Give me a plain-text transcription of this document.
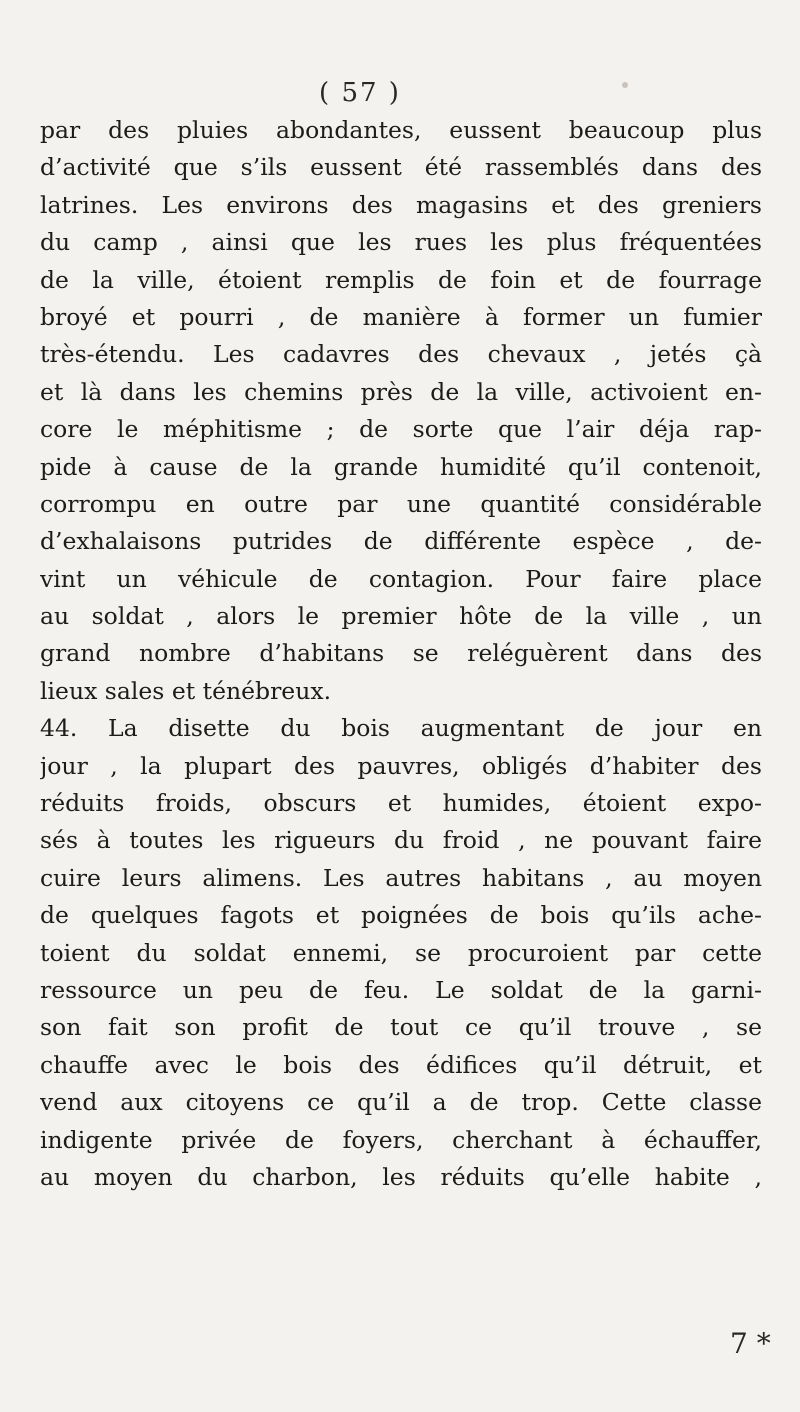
( 57 )
par des pluies abondantes, eussent beaucoup plus
d’activité que s’ils eussent été rassemblés dans des
latrines. Les environs des magasins et des greniers
du camp , ainsi que les rues les plus fréquentées
de la ville, étoient remplis de foin et de fourrage
broyé et pourri , de manière à former un fumier
très-étendu. Les cadavres des chevaux , jetés çà
et là dans les chemins près de la ville, activoient en-
core le méphitisme ; de sorte que l’air déja rap-
pide à cause de la grande humidité qu’il contenoit,
corrompu en outre par une quantité considérable
d’exhalaisons putrides de différente espèce , de-
vint un véhicule de contagion. Pour faire place
au soldat , alors le premier hôte de la ville , un
grand nombre d’habitans se reléguèrent dans des
lieux sales et ténébreux.
44. La disette du bois augmentant de jour en
jour , la plupart des pauvres, obligés d’habiter des
réduits froids, obscurs et humides, étoient expo-
sés à toutes les rigueurs du froid , ne pouvant faire
cuire leurs alimens. Les autres habitans , au moyen
de quelques fagots et poignées de bois qu’ils ache-
toient du soldat ennemi, se procuroient par cette
ressource un peu de feu. Le soldat de la garni-
son fait son profit de tout ce qu’il trouve , se
chauffe avec le bois des édifices qu’il détruit, et
vend aux citoyens ce qu’il a de trop. Cette classe
indigente privée de foyers, cherchant à échauffer,
au moyen du charbon, les réduits qu’elle habite ,
7 *
